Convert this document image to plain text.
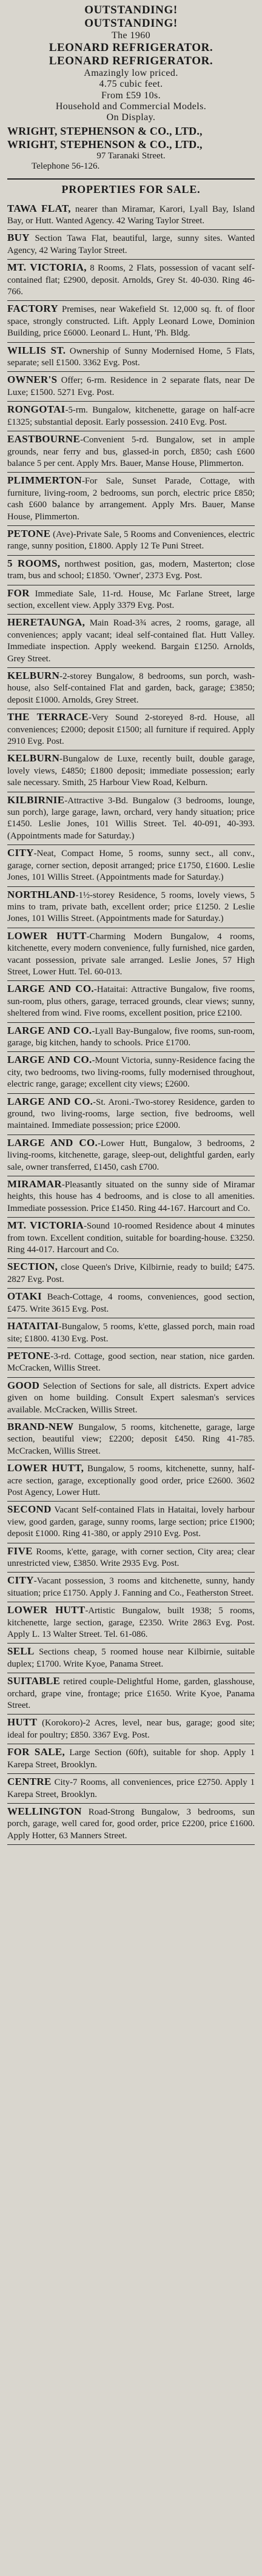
OUTSTANDING!
OUTSTANDING!
The 1960
LEONARD REFRIGERATOR.
LEONARD REFRIGERATOR.
Amazingly low priced.
4.75 cubic feet.
From £59 10s.
Household and Commercial Models.
On Display.
WRIGHT, STEPHENSON & CO., LTD.,
WRIGHT, STEPHENSON & CO., LTD.,
97 Taranaki Street.
Telephone 56-126.
PROPERTIES FOR SALE.
TAWA FLAT, nearer than Miramar, Karori, Lyall Bay, Island Bay, or Hutt. Wanted Agency. 42 Waring Taylor Street.
BUY Section Tawa Flat, beautiful, large, sunny sites. Wanted Agency, 42 Waring Taylor Street.
MT. VICTORIA, 8 Rooms, 2 Flats, possession of vacant self-contained flat; £2900, deposit. Arnolds, Grey St. 40-030. Ring 46-766.
FACTORY Premises, near Wakefield St. 12,000 sq. ft. of floor space, strongly constructed. Lift. Apply Leonard Lowe, Dominion Building, price £6000. Leonard L. Hunt, 'Ph. Bldg.
WILLIS ST. Ownership of Sunny Modernised Home, 5 Flats, separate; sell £1500. 3362 Evg. Post.
OWNER'S Offer; 6-rm. Residence in 2 separate flats, near De Luxe; £1500. 5271 Evg. Post.
RONGOTAI-5-rm. Bungalow, kitchenette, garage on half-acre £1325; substantial deposit. Early possession. 2410 Evg. Post.
EASTBOURNE-Convenient 5-rd. Bungalow, set in ample grounds, near ferry and bus, glassed-in porch, £850; cash £600 balance 5 per cent. Apply Mrs. Bauer, Manse House, Plimmerton.
PLIMMERTON-For Sale, Sunset Parade, Cottage, with furniture, living-room, 2 bedrooms, sun porch, electric price £850; cash £600 balance by arrangement. Apply Mrs. Bauer, Manse House, Plimmerton.
PETONE (Ave)-Private Sale, 5 Rooms and Conveniences, electric range, sunny position, £1800. Apply 12 Te Puni Street.
5 ROOMS, northwest position, gas, modern, Masterton; close tram, bus and school; £1850. 'Owner', 2373 Evg. Post.
FOR Immediate Sale, 11-rd. House, Mc Farlane Street, large section, excellent view. Apply 3379 Evg. Post.
HERETAUNGA, Main Road-3¾ acres, 2 rooms, garage, all conveniences; apply vacant; ideal self-contained flat. Hutt Valley. Immediate inspection. Apply weekend. Bargain £1250. Arnolds, Grey Street.
KELBURN-2-storey Bungalow, 8 bedrooms, sun porch, wash-house, also Self-contained Flat and garden, back, garage; £3850; deposit £1000. Arnolds, Grey Street.
THE TERRACE-Very Sound 2-storeyed 8-rd. House, all conveniences; £2000; deposit £1500; all furniture if required. Apply 2910 Evg. Post.
KELBURN-Bungalow de Luxe, recently built, double garage, lovely views, £4850; £1800 deposit; immediate possession; early sale necessary. Smith, 25 Harbour View Road, Kelburn.
KILBIRNIE-Attractive 3-Bd. Bungalow (3 bedrooms, lounge, sun porch), large garage, lawn, orchard, very handy situation; price £1450. Leslie Jones, 101 Willis Street. Tel. 40-091, 40-393. (Appointments made for Saturday.)
CITY-Neat, Compact Home, 5 rooms, sunny sect., all conv., garage, corner section, deposit arranged; price £1750, £1600. Leslie Jones, 101 Willis Street. (Appointments made for Saturday.)
NORTHLAND-1½-storey Residence, 5 rooms, lovely views, 5 mins to tram, private bath, excellent order; price £1250. 2 Leslie Jones, 101 Willis Street. (Appointments made for Saturday.)
LOWER HUTT-Charming Modern Bungalow, 4 rooms, kitchenette, every modern convenience, fully furnished, nice garden, vacant possession, private sale arranged. Leslie Jones, 57 High Street, Lower Hutt. Tel. 60-013.
LARGE AND CO.-Hataitai: Attractive Bungalow, five rooms, sun-room, plus others, garage, terraced grounds, clear views; sunny, sheltered from wind. Five rooms, excellent position, price £2100.
LARGE AND CO.-Lyall Bay-Bungalow, five rooms, sun-room, garage, big kitchen, handy to schools. Price £1700.
LARGE AND CO.-Mount Victoria, sunny-Residence facing the city, two bedrooms, two living-rooms, fully modernised throughout, electric range, garage; excellent city views; £2600.
LARGE AND CO.-St. Aroni.-Two-storey Residence, garden to ground, two living-rooms, large section, five bedrooms, well maintained. Immediate possession; price £2000.
LARGE AND CO.-Lower Hutt, Bungalow, 3 bedrooms, 2 living-rooms, kitchenette, garage, sleep-out, delightful garden, early sale, owner transferred, £1450, cash £700.
MIRAMAR-Pleasantly situated on the sunny side of Miramar heights, this house has 4 bedrooms, and is close to all amenities. Immediate possession. Price £1450. Ring 44-167. Harcourt and Co.
MT. VICTORIA-Sound 10-roomed Residence about 4 minutes from town. Excellent condition, suitable for boarding-house. £3250. Ring 44-017. Harcourt and Co.
SECTION, close Queen's Drive, Kilbirnie, ready to build; £475. 2827 Evg. Post.
OTAKI Beach-Cottage, 4 rooms, conveniences, good section, £475. Write 3615 Evg. Post.
HATAITAI-Bungalow, 5 rooms, k'ette, glassed porch, main road site; £1800. 4130 Evg. Post.
PETONE-3-rd. Cottage, good section, near station, nice garden. McCracken, Willis Street.
GOOD Selection of Sections for sale, all districts. Expert advice given on home building. Consult Expert salesman's services available. McCracken, Willis Street.
BRAND-NEW Bungalow, 5 rooms, kitchenette, garage, large section, beautiful view; £2200; deposit £450. Ring 41-785. McCracken, Willis Street.
LOWER HUTT, Bungalow, 5 rooms, kitchenette, sunny, half-acre section, garage, exceptionally good order, price £2600. 3602 Post Agency, Lower Hutt.
SECOND Vacant Self-contained Flats in Hataitai, lovely harbour view, good garden, garage, sunny rooms, large section; price £1900; deposit £1000. Ring 41-380, or apply 2910 Evg. Post.
FIVE Rooms, k'ette, garage, with corner section, City area; clear unrestricted view, £3850. Write 2935 Evg. Post.
CITY-Vacant possession, 3 rooms and kitchenette, sunny, handy situation; price £1750. Apply J. Fanning and Co., Featherston Street.
LOWER HUTT-Artistic Bungalow, built 1938; 5 rooms, kitchenette, large section, garage, £2350. Write 2863 Evg. Post. Apply L. 13 Walter Street. Tel. 61-086.
SELL Sections cheap, 5 roomed house near Kilbirnie, suitable duplex; £1700. Write Kyoe, Panama Street.
SUITABLE retired couple-Delightful Home, garden, glasshouse, orchard, grape vine, frontage; price £1650. Write Kyoe, Panama Street.
HUTT (Korokoro)-2 Acres, level, near bus, garage; good site; ideal for poultry; £850. 3367 Evg. Post.
FOR SALE, Large Section (60ft), suitable for shop. Apply 1 Karepa Street, Brooklyn.
CENTRE City-7 Rooms, all conveniences, price £2750. Apply 1 Karepa Street, Brooklyn.
WELLINGTON Road-Strong Bungalow, 3 bedrooms, sun porch, garage, well cared for, good order, price £2200, price £1600. Apply Hotter, 63 Manners Street.
